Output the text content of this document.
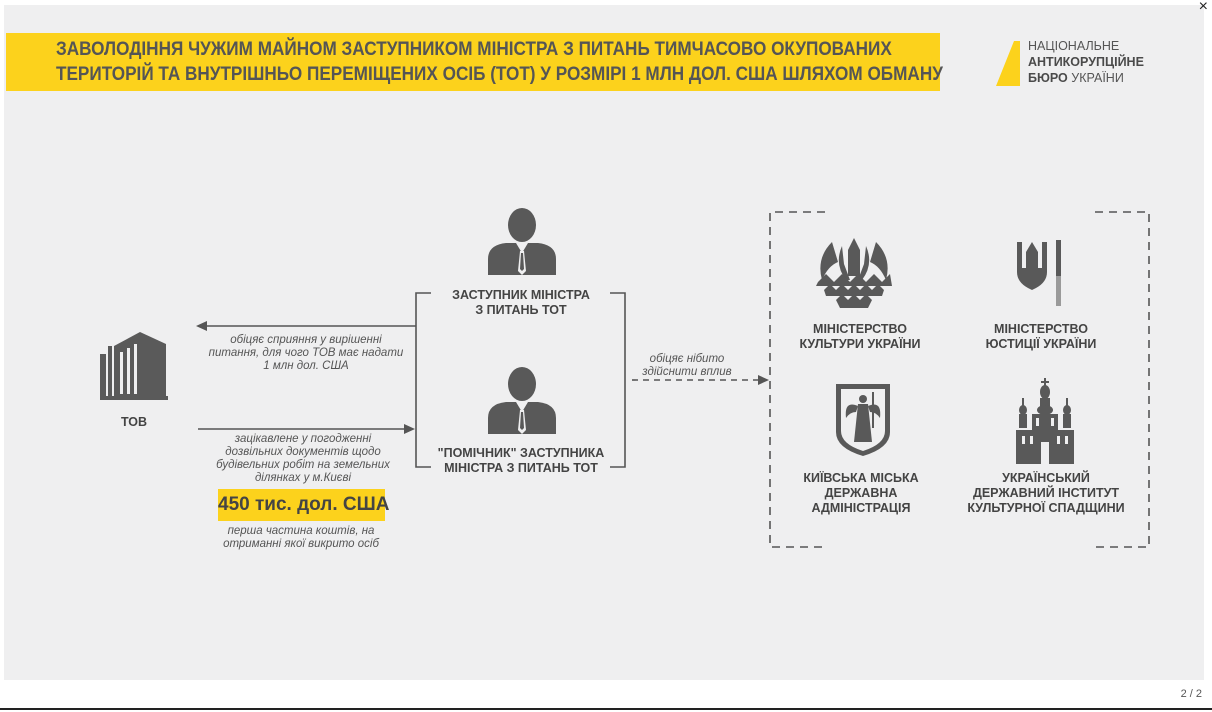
×
2 / 2
ЗАВОЛОДІННЯ ЧУЖИМ МАЙНОМ ЗАСТУПНИКОМ МІНІСТРА З ПИТАНЬ ТИМЧАСОВО ОКУПОВАНИХ
ТЕРИТОРІЙ ТА ВНУТРІШНЬО ПЕРЕМІЩЕНИХ ОСІБ (ТОТ) У РОЗМІРІ 1 МЛН ДОЛ. США ШЛЯХОМ ОБМАНУ
НАЦІОНАЛЬНЕ
АНТИКОРУПЦІЙНЕ
БЮРО УКРАЇНИ
ТОВ
ЗАСТУПНИК МІНІСТРА
З ПИТАНЬ ТОТ
"ПОМІЧНИК" ЗАСТУПНИКА
МІНІСТРА З ПИТАНЬ ТОТ
обіцяє сприяння у вирішенні
питання, для чого ТОВ має надати
1 млн дол. США
зацікавлене у погодженні
дозвільних документів щодо
будівельних робіт на земельних
ділянках у м.Києві
450 тис. дол. США
перша частина коштів, на
отриманні якої викрито осіб
обіцяє нібито
здійснити вплив
МІНІСТЕРСТВО
КУЛЬТУРИ УКРАЇНИ
МІНІСТЕРСТВО
ЮСТИЦІЇ УКРАЇНИ
КИЇВСЬКА МІСЬКА
ДЕРЖАВНА
АДМІНІСТРАЦІЯ
УКРАЇНСЬКИЙ
ДЕРЖАВНИЙ ІНСТИТУТ
КУЛЬТУРНОЇ СПАДЩИНИ
